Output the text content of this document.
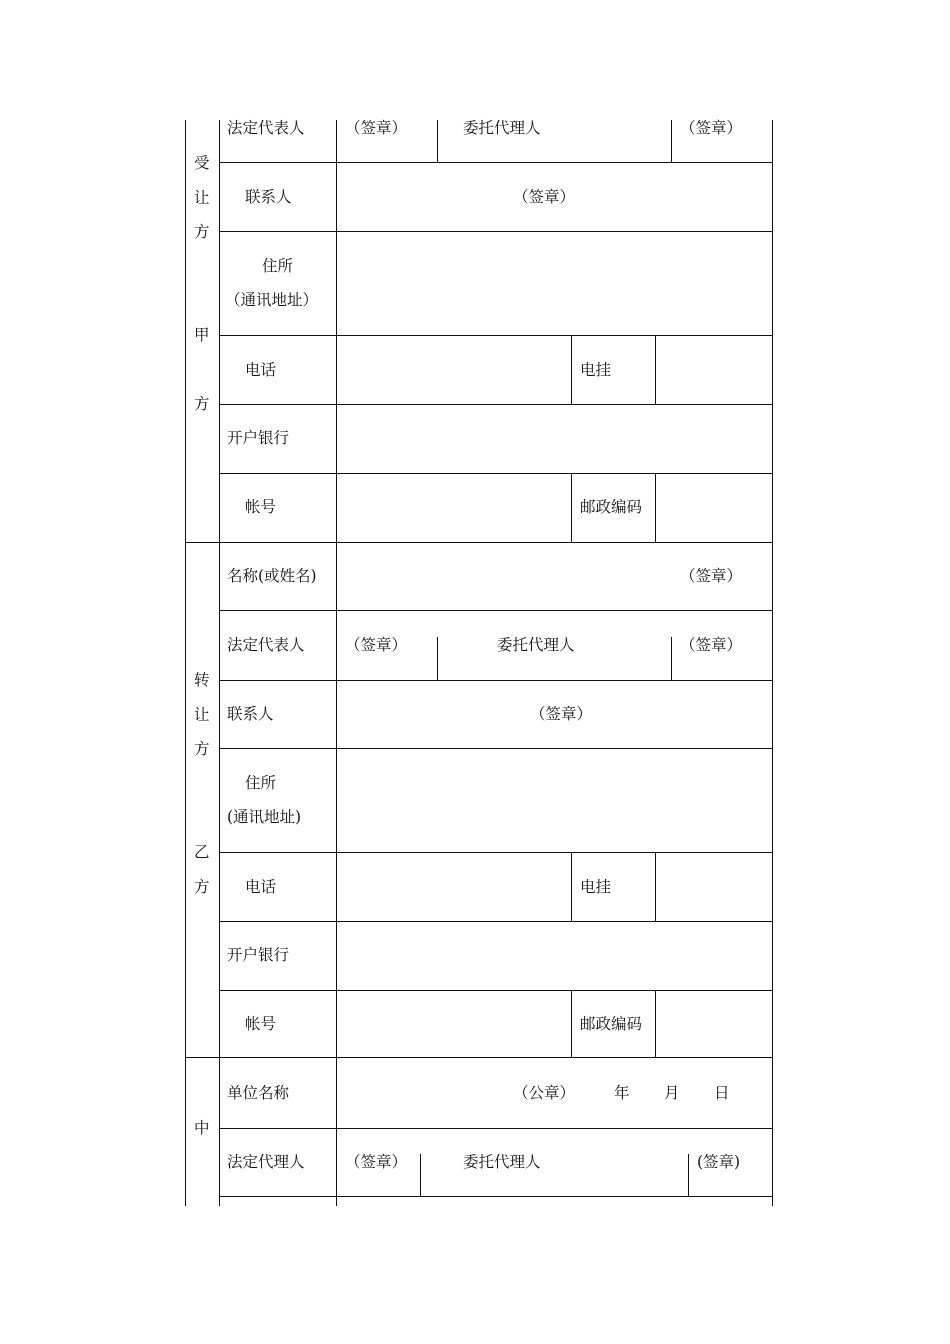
受
让
方
甲
方
法定代表人	（签章）	委托代理人	（签章）
联系人	（签章）
住所
（通讯地址）
电话	电挂
开户银行
帐号	邮政编码
转
让
方
乙
方
名称(或姓名)	（签章）
法定代表人	（签章）	委托代理人	（签章）
联系人	（签章）
住所
(通讯地址)
电话	电挂
开户银行
帐号	邮政编码
中
单位名称	（公章）	年 月 日
法定代理人	（签章）	委托代理人	(签章)
